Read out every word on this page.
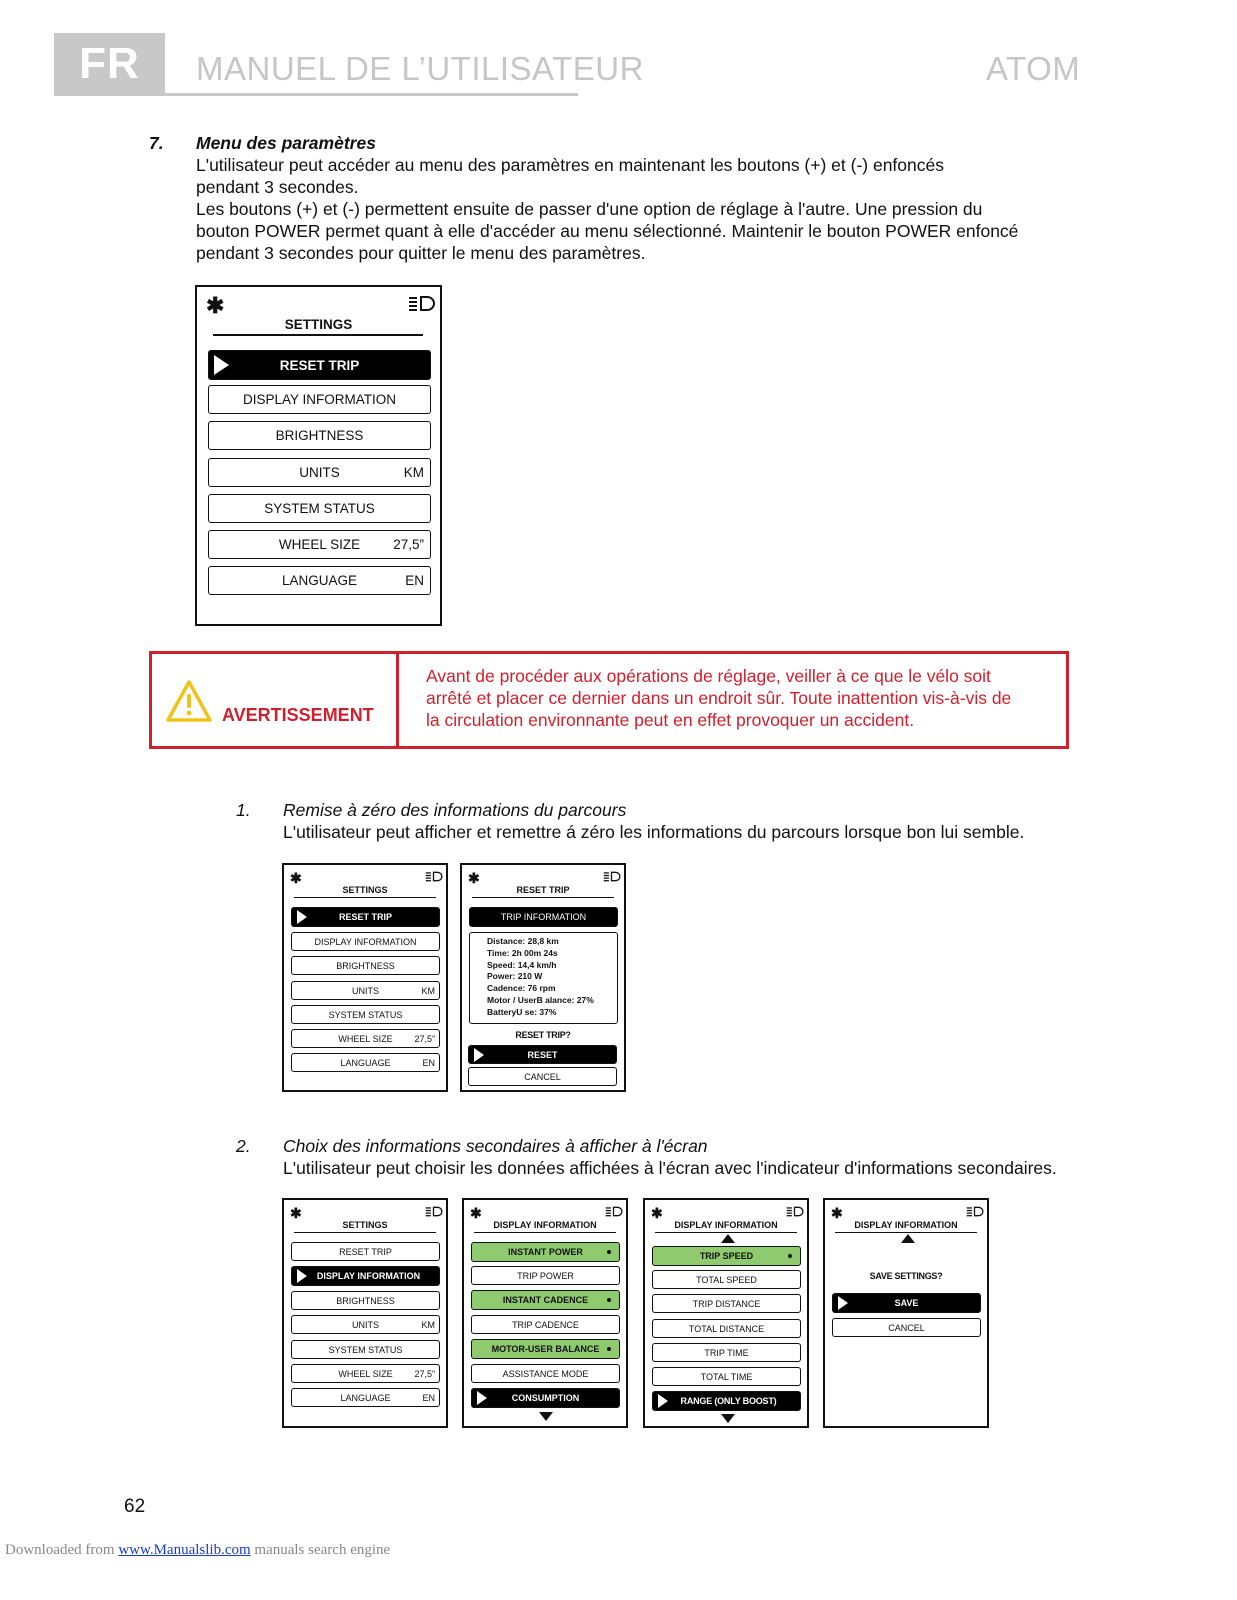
FR	MANUEL DE L’UTILISATEUR	ATOM
7. Menu des paramètres
L'utilisateur peut accéder au menu des paramètres en maintenant les boutons (+) et (-) enfoncés
pendant 3 secondes.
Les boutons (+) et (-) permettent ensuite de passer d'une option de réglage à l'autre. Une pression du
bouton POWER permet quant à elle d'accéder au menu sélectionné. Maintenir le bouton POWER enfoncé
pendant 3 secondes pour quitter le menu des paramètres.
✱
SETTINGS
RESET TRIP
DISPLAY INFORMATION
BRIGHTNESS
UNITS	KM
SYSTEM STATUS
WHEEL SIZE 27,5”
LANGUAGE	EN
AVERTISSEMENT
Avant de procéder aux opérations de réglage, veiller à ce que le vélo soit
arrêté et placer ce dernier dans un endroit sûr. Toute inattention vis-à-vis de
la circulation environnante peut en effet provoquer un accident.
1. Remise à zéro des informations du parcours
L'utilisateur peut afficher et remettre á zéro les informations du parcours lorsque bon lui semble.
✱
SETTINGS
RESET TRIP
DISPLAY INFORMATION
BRIGHTNESS
UNITS	KM
SYSTEM STATUS
WHEEL SIZE 27,5”
LANGUAGE	EN
✱
RESET TRIP
TRIP INFORMATION
Distance: 28,8 km
Time: 2h 00m 24s
Speed: 14,4 km/h
Power: 210 W
Cadence: 76 rpm
Motor / UserB alance: 27%
BatteryU se: 37%
RESET TRIP?
RESET
CANCEL
2. Choix des informations secondaires à afficher à l'écran
L'utilisateur peut choisir les données affichées à l'écran avec l'indicateur d'informations secondaires.
✱
SETTINGS
RESET TRIP
DISPLAY INFORMATION
BRIGHTNESS
UNITS	KM
SYSTEM STATUS
WHEEL SIZE 27,5”
LANGUAGE	EN
✱
DISPLAY INFORMATION
INSTANT POWER
TRIP POWER
INSTANT CADENCE
TRIP CADENCE
MOTOR-USER BALANCE
ASSISTANCE MODE
CONSUMPTION
✱
DISPLAY INFORMATION
TRIP SPEED
TOTAL SPEED
TRIP DISTANCE
TOTAL DISTANCE
TRIP TIME
TOTAL TIME
RANGE (ONLY BOOST)
✱
DISPLAY INFORMATION
SAVE SETTINGS?
SAVE
CANCEL
62
Downloaded from www.Manualslib.com manuals search engine
